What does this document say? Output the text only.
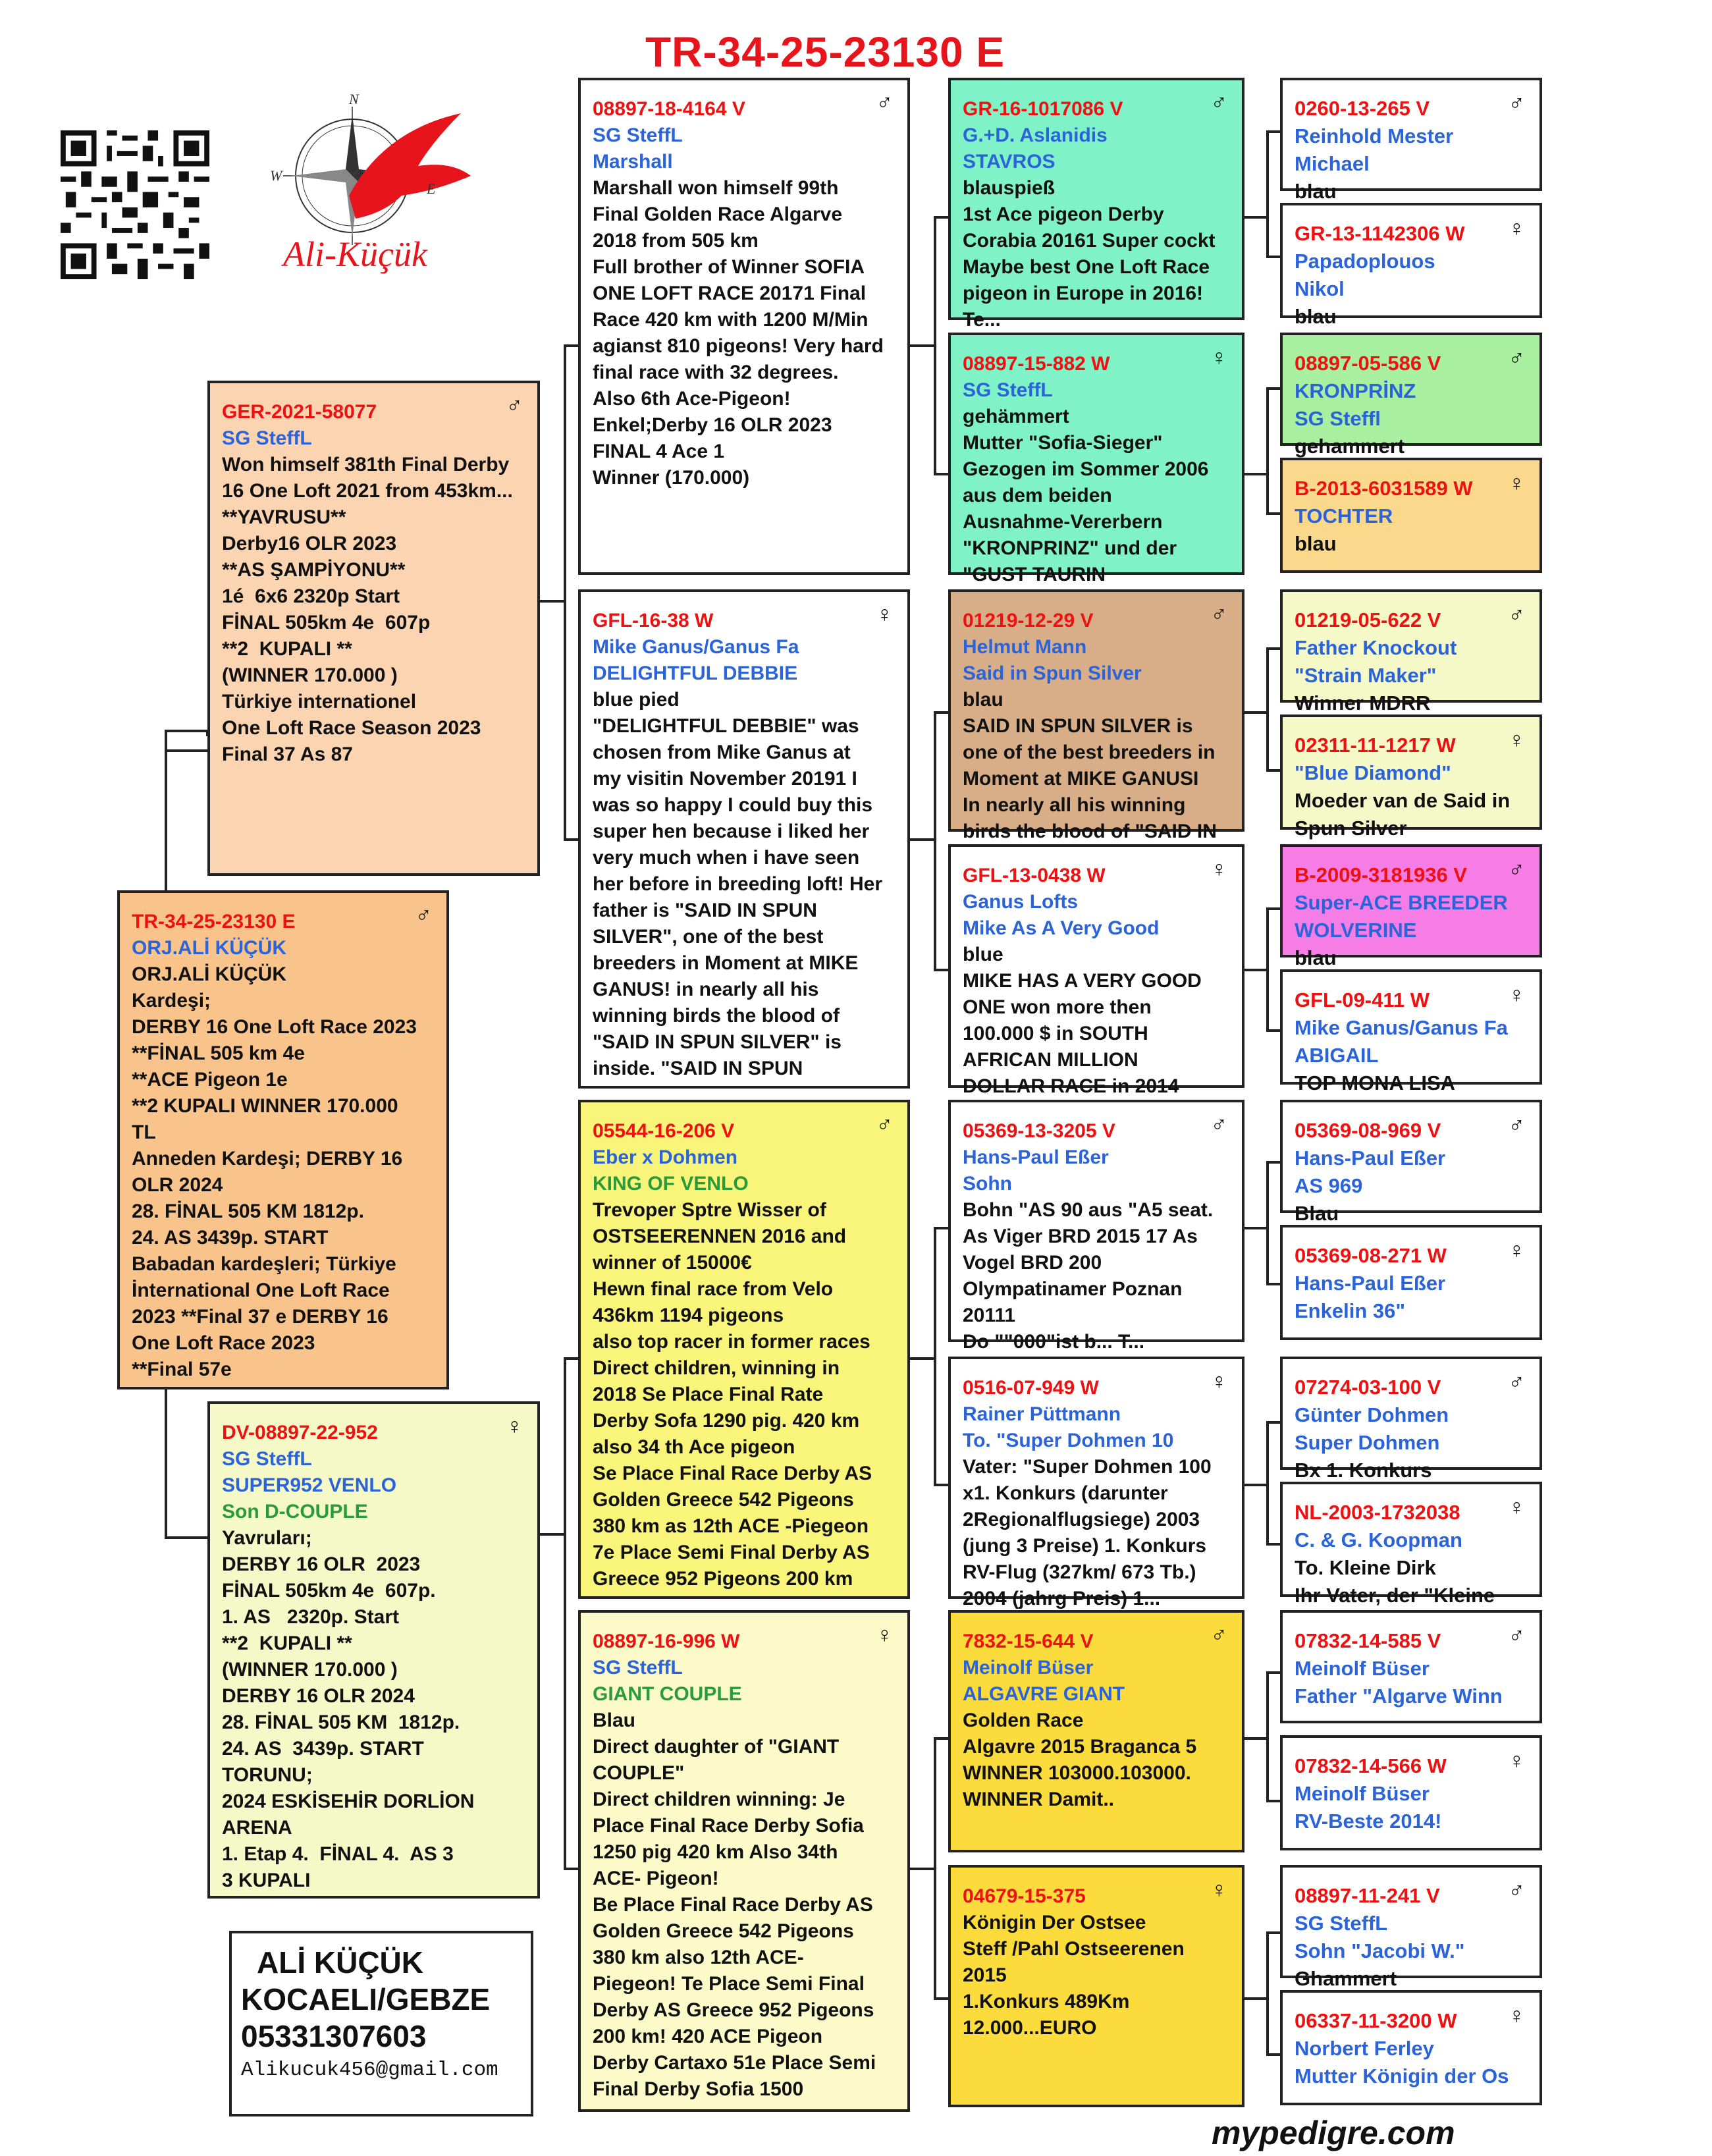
TR-34-25-23130 E
N
W
E
Ali-Küçük
TR-34-25-23130 E	♂
ORJ.ALİ KÜÇÜK
ORJ.ALİ KÜÇÜK
Kardeşi;
DERBY 16 One Loft Race 2023
**FİNAL 505 km 4e
**ACE Pigeon 1e
**2 KUPALI WINNER 170.000
TL
Anneden Kardeşi; DERBY 16
OLR 2024
28. FİNAL 505 KM 1812p.
24. AS 3439p. START
Babadan kardeşleri; Türkiye
İnternational One Loft Race
2023 **Final 37 e DERBY 16
One Loft Race 2023
**Final 57e
GER-2021-58077	♂
SG SteffL
Won himself 381th Final Derby
16 One Loft 2021 from 453km...
**YAVRUSU**
Derby16 OLR 2023
**AS ŞAMPİYONU**
1é  6x6 2320p Start
FİNAL 505km 4e  607p
**2  KUPALI **
(WINNER 170.000 )
Türkiye internationel
One Loft Race Season 2023
Final 37 As 87
DV-08897-22-952	♀
SG SteffL
SUPER952 VENLO
Son D-COUPLE
Yavruları;
DERBY 16 OLR  2023
FİNAL 505km 4e  607p.
1. AS   2320p. Start
**2  KUPALI **
(WINNER 170.000 )
DERBY 16 OLR 2024
28. FİNAL 505 KM  1812p.
24. AS  3439p. START
TORUNU;
2024 ESKİSEHİR DORLİON
ARENA
1. Etap 4.  FİNAL 4.  AS 3
3 KUPALI
08897-18-4164 V	♂
SG SteffL
Marshall
Marshall won himself 99th
Final Golden Race Algarve
2018 from 505 km
Full brother of Winner SOFIA
ONE LOFT RACE 20171 Final
Race 420 km with 1200 M/Min
agianst 810 pigeons! Very hard
final race with 32 degrees.
Also 6th Ace-Pigeon!
Enkel;Derby 16 OLR 2023
FINAL 4 Ace 1
Winner (170.000)
GFL-16-38 W	♀
Mike Ganus/Ganus Fa
DELIGHTFUL DEBBIE
blue pied
"DELIGHTFUL DEBBIE" was
chosen from Mike Ganus at
my visitin November 20191 I
was so happy I could buy this
super hen because i liked her
very much when i have seen
her before in breeding loft! Her
father is "SAID IN SPUN
SILVER", one of the best
breeders in Moment at MIKE
GANUS! in nearly all his
winning birds the blood of
"SAID IN SPUN SILVER" is
inside. "SAID IN SPUN
05544-16-206 V	♂
Eber x Dohmen
KING OF VENLO
Trevoper Sptre Wisser of
OSTSEERENNEN 2016 and
winner of 15000€
Hewn final race from Velo
436km 1194 pigeons
also top racer in former races
Direct children, winning in
2018 Se Place Final Rate
Derby Sofa 1290 pig. 420 km
also 34 th Ace pigeon
Se Place Final Race Derby AS
Golden Greece 542 Pigeons
380 km as 12th ACE -Piegeon
7e Place Semi Final Derby AS
Greece 952 Pigeons 200 km
08897-16-996 W	♀
SG SteffL
GIANT COUPLE
Blau
Direct daughter of "GIANT
COUPLE"
Direct children winning: Je
Place Final Race Derby Sofia
1250 pig 420 km Also 34th
ACE- Pigeon!
Be Place Final Race Derby AS
Golden Greece 542 Pigeons
380 km also 12th ACE-
Piegeon! Te Place Semi Final
Derby AS Greece 952 Pigeons
200 km! 420 ACE Pigeon
Derby Cartaxo 51e Place Semi
Final Derby Sofia 1500
GR-16-1017086 V	♂
G.+D. Aslanidis
STAVROS
blauspieß
1st Ace pigeon Derby
Corabia 20161 Super cockt
Maybe best One Loft Race
pigeon in Europe in 2016!
Te...
08897-15-882 W	♀
SG SteffL
gehämmert
Mutter "Sofia-Sieger"
Gezogen im Sommer 2006
aus dem beiden
Ausnahme-Vererbern
"KRONPRINZ" und der
"GUST TAURIN
01219-12-29 V	♂
Helmut Mann
Said in Spun Silver
blau
SAID IN SPUN SILVER is
one of the best breeders in
Moment at MIKE GANUSI
In nearly all his winning
birds the blood of "SAID IN
GFL-13-0438 W	♀
Ganus Lofts
Mike As A Very Good
blue
MIKE HAS A VERY GOOD
ONE won more then
100.000 $ in SOUTH
AFRICAN MILLION
DOLLAR RACE in 2014
05369-13-3205 V	♂
Hans-Paul Eßer
Sohn
Bohn "AS 90 aus "A5 seat.
As Viger BRD 2015 17 As
Vogel BRD 200
Olympatinamer Poznan
20111
Do ""000"ist b... T...
0516-07-949 W	♀
Rainer Püttmann
To. "Super Dohmen 10
Vater: "Super Dohmen 100
x1. Konkurs (darunter
2Regionalflugsiege) 2003
(jung 3 Preise) 1. Konkurs
RV-Flug (327km/ 673 Tb.)
2004 (jahrg Preis) 1...
7832-15-644 V	♂
Meinolf Büser
ALGAVRE GIANT
Golden Race
Algavre 2015 Braganca 5
WINNER 103000.103000.
WINNER Damit..
04679-15-375	♀
Königin Der Ostsee
Steff /Pahl Ostseerenen
2015
1.Konkurs 489Km
12.000...EURO
0260-13-265 V	♂
Reinhold Mester
Michael
blau
GR-13-1142306 W	♀
Papadoplouos
Nikol
blau
08897-05-586 V	♂
KRONPRİNZ
SG Steffl
gehammert
B-2013-6031589 W	♀
TOCHTER
blau
01219-05-622 V	♂
Father Knockout
"Strain Maker"
Winner MDRR
02311-11-1217 W	♀
"Blue Diamond"
Moeder van de Said in
Spun Silver
B-2009-3181936 V	♂
Super-ACE BREEDER
WOLVERINE
blau
GFL-09-411 W	♀
Mike Ganus/Ganus Fa
ABIGAIL
TOP MONA LISA
05369-08-969 V	♂
Hans-Paul Eßer
AS 969
Blau
05369-08-271 W	♀
Hans-Paul Eßer
Enkelin 36"
07274-03-100 V	♂
Günter Dohmen
Super Dohmen
Bx 1. Konkurs
NL-2003-1732038	♀
C. & G. Koopman
To. Kleine Dirk
Ihr Vater, der "Kleine
07832-14-585 V	♂
Meinolf Büser
Father "Algarve Winn
07832-14-566 W	♀
Meinolf Büser
RV-Beste 2014!
08897-11-241 V	♂
SG SteffL
Sohn "Jacobi W."
Ghammert
06337-11-3200 W	♀
Norbert Ferley
Mutter Königin der Os
ALİ KÜÇÜK
KOCAELI/GEBZE
05331307603
Alikucuk456@gmail.com
mypedigre.com
